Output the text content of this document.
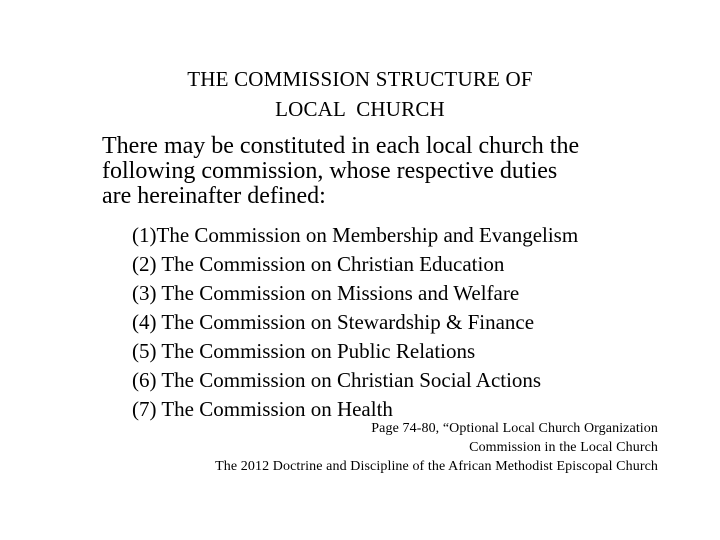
THE COMMISSION STRUCTURE OF
LOCAL  CHURCH
There may be constituted in each local church the
following commission, whose respective duties
are hereinafter defined:
(1)The Commission on Membership and Evangelism
(2) The Commission on Christian Education
(3) The Commission on Missions and Welfare
(4) The Commission on Stewardship & Finance
(5) The Commission on Public Relations
(6) The Commission on Christian Social Actions
(7) The Commission on Health
Page 74-80, “Optional Local Church Organization
Commission in the Local Church
The 2012 Doctrine and Discipline of the African Methodist Episcopal Church
